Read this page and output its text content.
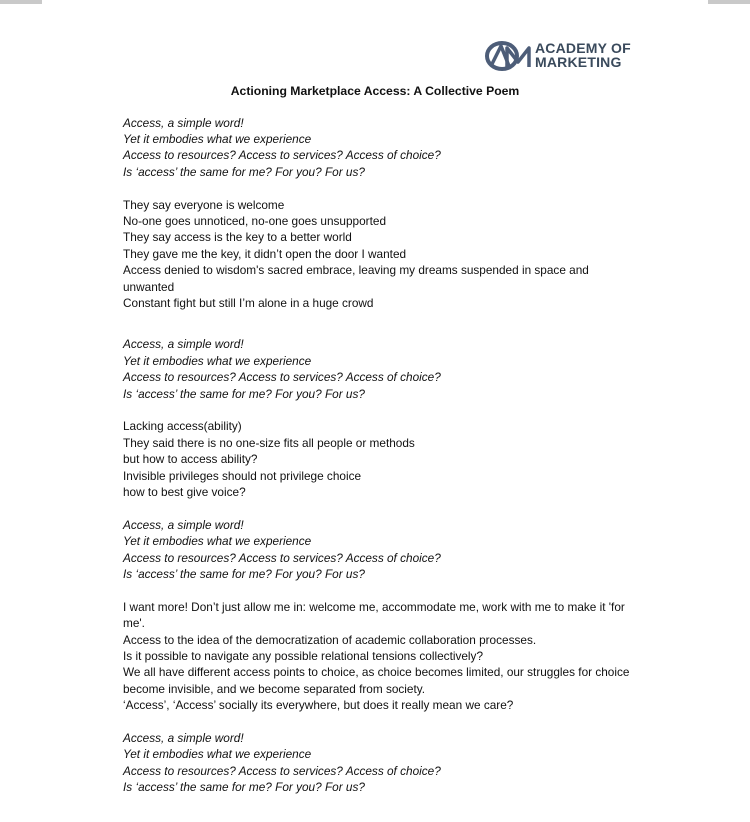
ACADEMY OF
MARKETING
Actioning Marketplace Access: A Collective Poem
Access, a simple word!
Yet it embodies what we experience
Access to resources? Access to services? Access of choice?
Is ‘access’ the same for me? For you? For us?
They say everyone is welcome
No-one goes unnoticed, no-one goes unsupported
They say access is the key to a better world
They gave me the key, it didn’t open the door I wanted
Access denied to wisdom's sacred embrace, leaving my dreams suspended in space and unwanted
Constant fight but still I’m alone in a huge crowd
Access, a simple word!
Yet it embodies what we experience
Access to resources? Access to services? Access of choice?
Is ‘access’ the same for me? For you? For us?
Lacking access(ability)
They said there is no one-size fits all people or methods
but how to access ability?
Invisible privileges should not privilege choice
how to best give voice?
Access, a simple word!
Yet it embodies what we experience
Access to resources? Access to services? Access of choice?
Is ‘access’ the same for me? For you? For us?
I want more! Don’t just allow me in: welcome me, accommodate me, work with me to make it 'for me'.
Access to the idea of the democratization of academic collaboration processes.
Is it possible to navigate any possible relational tensions collectively?
We all have different access points to choice, as choice becomes limited, our struggles for choice become invisible, and we become separated from society.
‘Access’, ‘Access’ socially its everywhere, but does it really mean we care?
Access, a simple word!
Yet it embodies what we experience
Access to resources? Access to services? Access of choice?
Is ‘access’ the same for me? For you? For us?
